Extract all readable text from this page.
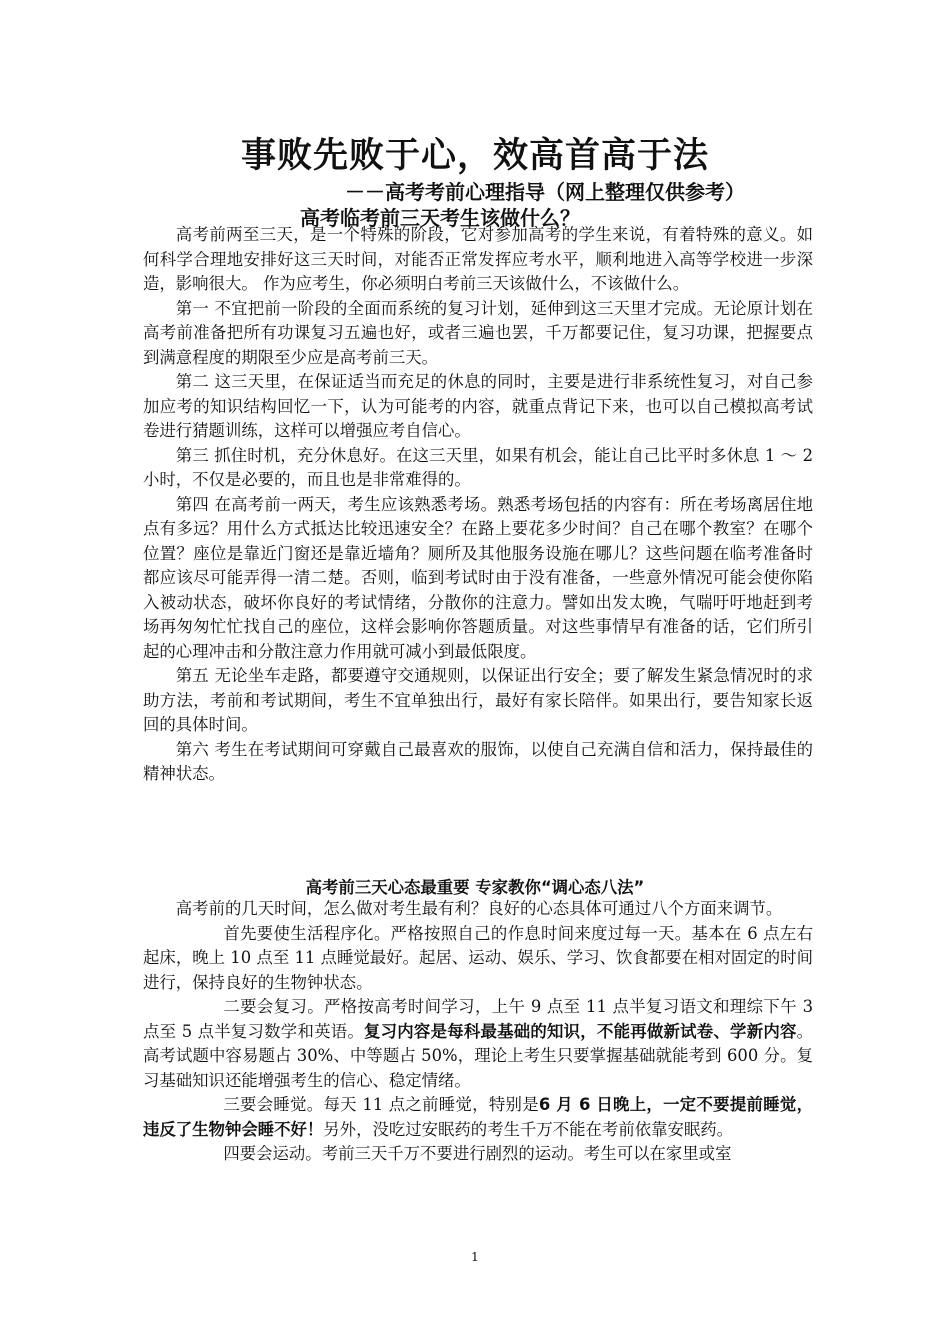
事败先败于心，效高首高于法
－－高考考前心理指导（网上整理仅供参考）
高考临考前三天考生该做什么？

高考前两至三天，是一个特殊的阶段，它对参加高考的学生来说，有着特殊的意义。如何科学合理地安排好这三天时间，对能否正常发挥应考水平，顺利地进入高等学校进一步深造，影响很大。 作为应考生，你必须明白考前三天该做什么，不该做什么。

第一 不宜把前一阶段的全面而系统的复习计划，延伸到这三天里才完成。无论原计划在高考前准备把所有功课复习五遍也好，或者三遍也罢，千万都要记住，复习功课，把握要点到满意程度的期限至少应是高考前三天。

第二 这三天里，在保证适当而充足的休息的同时，主要是进行非系统性复习，对自己参加应考的知识结构回忆一下，认为可能考的内容，就重点背记下来，也可以自己模拟高考试卷进行猜题训练，这样可以增强应考自信心。

第三 抓住时机，充分休息好。在这三天里，如果有机会，能让自己比平时多休息 1 ～ 2 小时，不仅是必要的，而且也是非常难得的。

第四 在高考前一两天，考生应该熟悉考场。熟悉考场包括的内容有：所在考场离居住地点有多远？用什么方式抵达比较迅速安全？在路上要花多少时间？自己在哪个教室？在哪个位置？座位是靠近门窗还是靠近墙角？厕所及其他服务设施在哪儿？这些问题在临考准备时都应该尽可能弄得一清二楚。否则，临到考试时由于没有准备，一些意外情况可能会使你陷入被动状态，破坏你良好的考试情绪，分散你的注意力。譬如出发太晚，气喘吁吁地赶到考场再匆匆忙忙找自己的座位，这样会影响你答题质量。对这些事情早有准备的话，它们所引起的心理冲击和分散注意力作用就可减小到最低限度。

第五 无论坐车走路，都要遵守交通规则，以保证出行安全；要了解发生紧急情况时的求助方法，考前和考试期间，考生不宜单独出行，最好有家长陪伴。如果出行，要告知家长返回的具体时间。

第六 考生在考试期间可穿戴自己最喜欢的服饰，以使自己充满自信和活力，保持最佳的精神状态。

高考前三天心态最重要 专家教你“调心态八法”

高考前的几天时间，怎么做对考生最有利？良好的心态具体可通过八个方面来调节。

首先要使生活程序化。严格按照自己的作息时间来度过每一天。基本在 6 点左右起床，晚上 10 点至 11 点睡觉最好。起居、运动、娱乐、学习、饮食都要在相对固定的时间进行，保持良好的生物钟状态。

二要会复习。严格按高考时间学习，上午 9 点至 11 点半复习语文和理综下午 3 点至 5 点半复习数学和英语。复习内容是每科最基础的知识，不能再做新试卷、学新内容。高考试题中容易题占 30%、中等题占 50%，理论上考生只要掌握基础就能考到 600 分。复习基础知识还能增强考生的信心、稳定情绪。

三要会睡觉。每天 11 点之前睡觉，特别是6 月 6 日晚上，一定不要提前睡觉，违反了生物钟会睡不好！另外，没吃过安眠药的考生千万不能在考前依靠安眠药。

四要会运动。考前三天千万不要进行剧烈的运动。考生可以在家里或室

1
